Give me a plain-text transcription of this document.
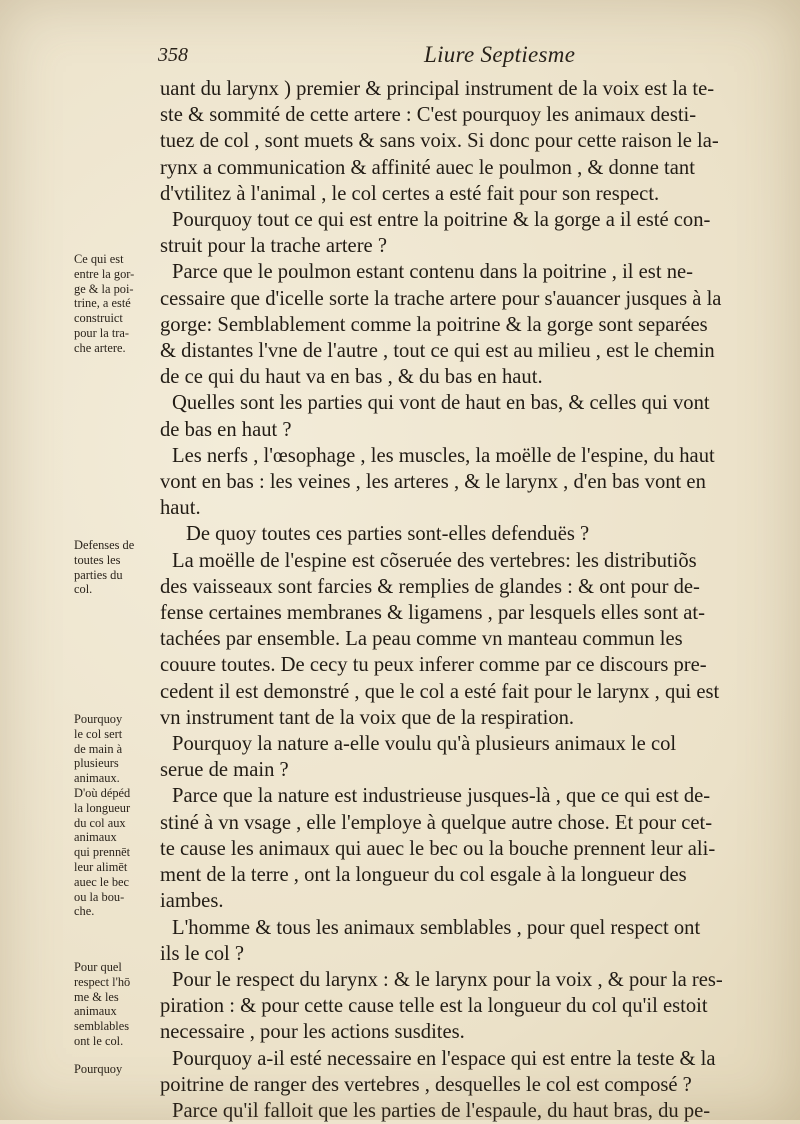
358	Liure Septiesme
uant du larynx ) premier & principal instrument de la voix est la te-
ste & sommité de cette artere : C'est pourquoy les animaux desti-
tuez de col , sont muets & sans voix. Si donc pour cette raison le la-
rynx a communication & affinité auec le poulmon , & donne tant
d'vtilitez à l'animal , le col certes a esté fait pour son respect.
Pourquoy tout ce qui est entre la poitrine & la gorge a il esté con-
struit pour la trache artere ?
Parce que le poulmon estant contenu dans la poitrine , il est ne-
cessaire que d'icelle sorte la trache artere pour s'auancer jusques à la
gorge: Semblablement comme la poitrine & la gorge sont separées
& distantes l'vne de l'autre , tout ce qui est au milieu , est le chemin
de ce qui du haut va en bas , & du bas en haut.
Quelles sont les parties qui vont de haut en bas, & celles qui vont
de bas en haut ?
Les nerfs , l'œsophage , les muscles, la moëlle de l'espine, du haut
vont en bas : les veines , les arteres , & le larynx , d'en bas vont en
haut.
De quoy toutes ces parties sont-elles defenduës ?
La moëlle de l'espine est cõseruée des vertebres: les distributiõs
des vaisseaux sont farcies & remplies de glandes : & ont pour de-
fense certaines membranes & ligamens , par lesquels elles sont at-
tachées par ensemble. La peau comme vn manteau commun les
couure toutes. De cecy tu peux inferer comme par ce discours pre-
cedent il est demonstré , que le col a esté fait pour le larynx , qui est
vn instrument tant de la voix que de la respiration.
Pourquoy la nature a-elle voulu qu'à plusieurs animaux le col
serue de main ?
Parce que la nature est industrieuse jusques-là , que ce qui est de-
stiné à vn vsage , elle l'employe à quelque autre chose. Et pour cet-
te cause les animaux qui auec le bec ou la bouche prennent leur ali-
ment de la terre , ont la longueur du col esgale à la longueur des
iambes.
L'homme & tous les animaux semblables , pour quel respect ont
ils le col ?
Pour le respect du larynx : & le larynx pour la voix , & pour la res-
piration : & pour cette cause telle est la longueur du col qu'il estoit
necessaire , pour les actions susdites.
Pourquoy a-il esté necessaire en l'espace qui est entre la teste & la
poitrine de ranger des vertebres , desquelles le col est composé ?
Parce qu'il falloit que les parties de l'espaule, du haut bras, du pe-
Ce qui est
entre la gor-
ge & la poi-
trine, a esté
construict
pour la tra-
che artere.
Defenses de
toutes les
parties du
col.
Pourquoy
le col sert
de main à
plusieurs
animaux.
D'où dépéd
la longueur
du col aux
animaux
qui prennēt
leur alimēt
auec le bec
ou la bou-
che.
Pour quel
respect l'hō
me & les
animaux
semblables
ont le col.
Pourquoy
